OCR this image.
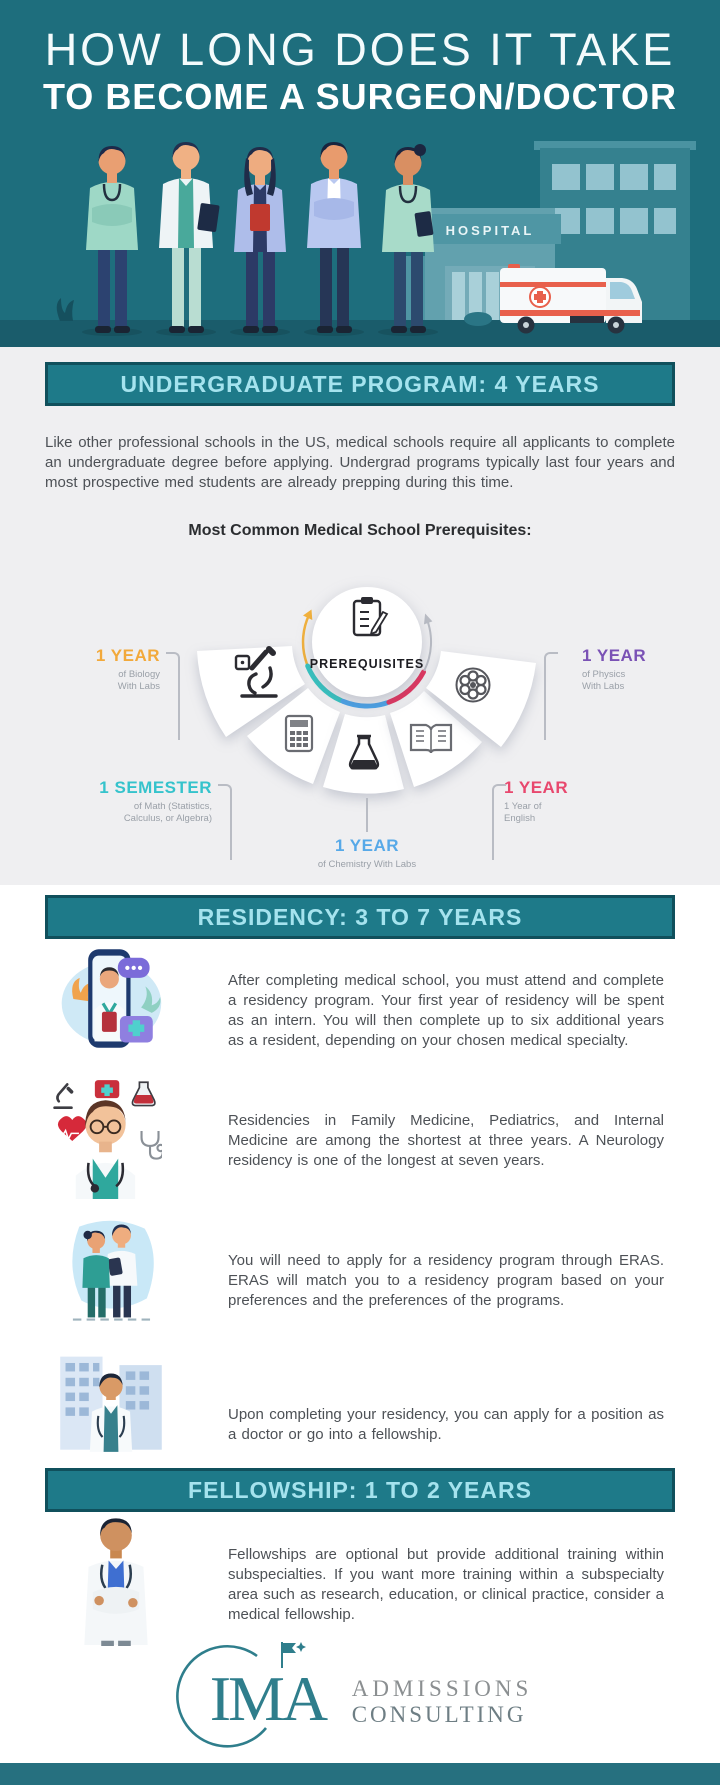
HOW LONG DOES IT TAKE
TO BECOME A SURGEON/DOCTOR
HOSPITAL
UNDERGRADUATE PROGRAM: 4 YEARS

Like other professional schools in the US, medical schools require all applicants to complete an undergraduate degree before applying. Undergrad programs typically last four years and most prospective med students are already prepping during this time.

Most Common Medical School Prerequisites:
PREREQUISITES
1 YEAR
of Biology
With Labs
1 YEAR
of Physics
With Labs
1 SEMESTER
of Math (Statistics,
Calculus, or Algebra)
1 YEAR
1 Year of
English
1 YEAR
of Chemistry With Labs
RESIDENCY: 3 TO 7 YEARS

After completing medical school, you must attend and complete a residency program. Your first year of residency will be spent as an intern. You will then complete up to six additional years as a resident, depending on your chosen medical specialty.

Residencies in Family Medicine, Pediatrics, and Internal Medicine are among the shortest at three years. A Neurology residency is one of the longest at seven years.

You will need to apply for a residency program through ERAS. ERAS will match you to a residency program based on your preferences and the preferences of the programs.

Upon completing your residency, you can apply for a position as a doctor or go into a fellowship.

FELLOWSHIP: 1 TO 2 YEARS

Fellowships are optional but provide additional training within subspecialties. If you want more training within a subspecialty area such as research, education, or clinical practice, consider a medical fellowship.

IMA ADMISSIONS
CONSULTING
